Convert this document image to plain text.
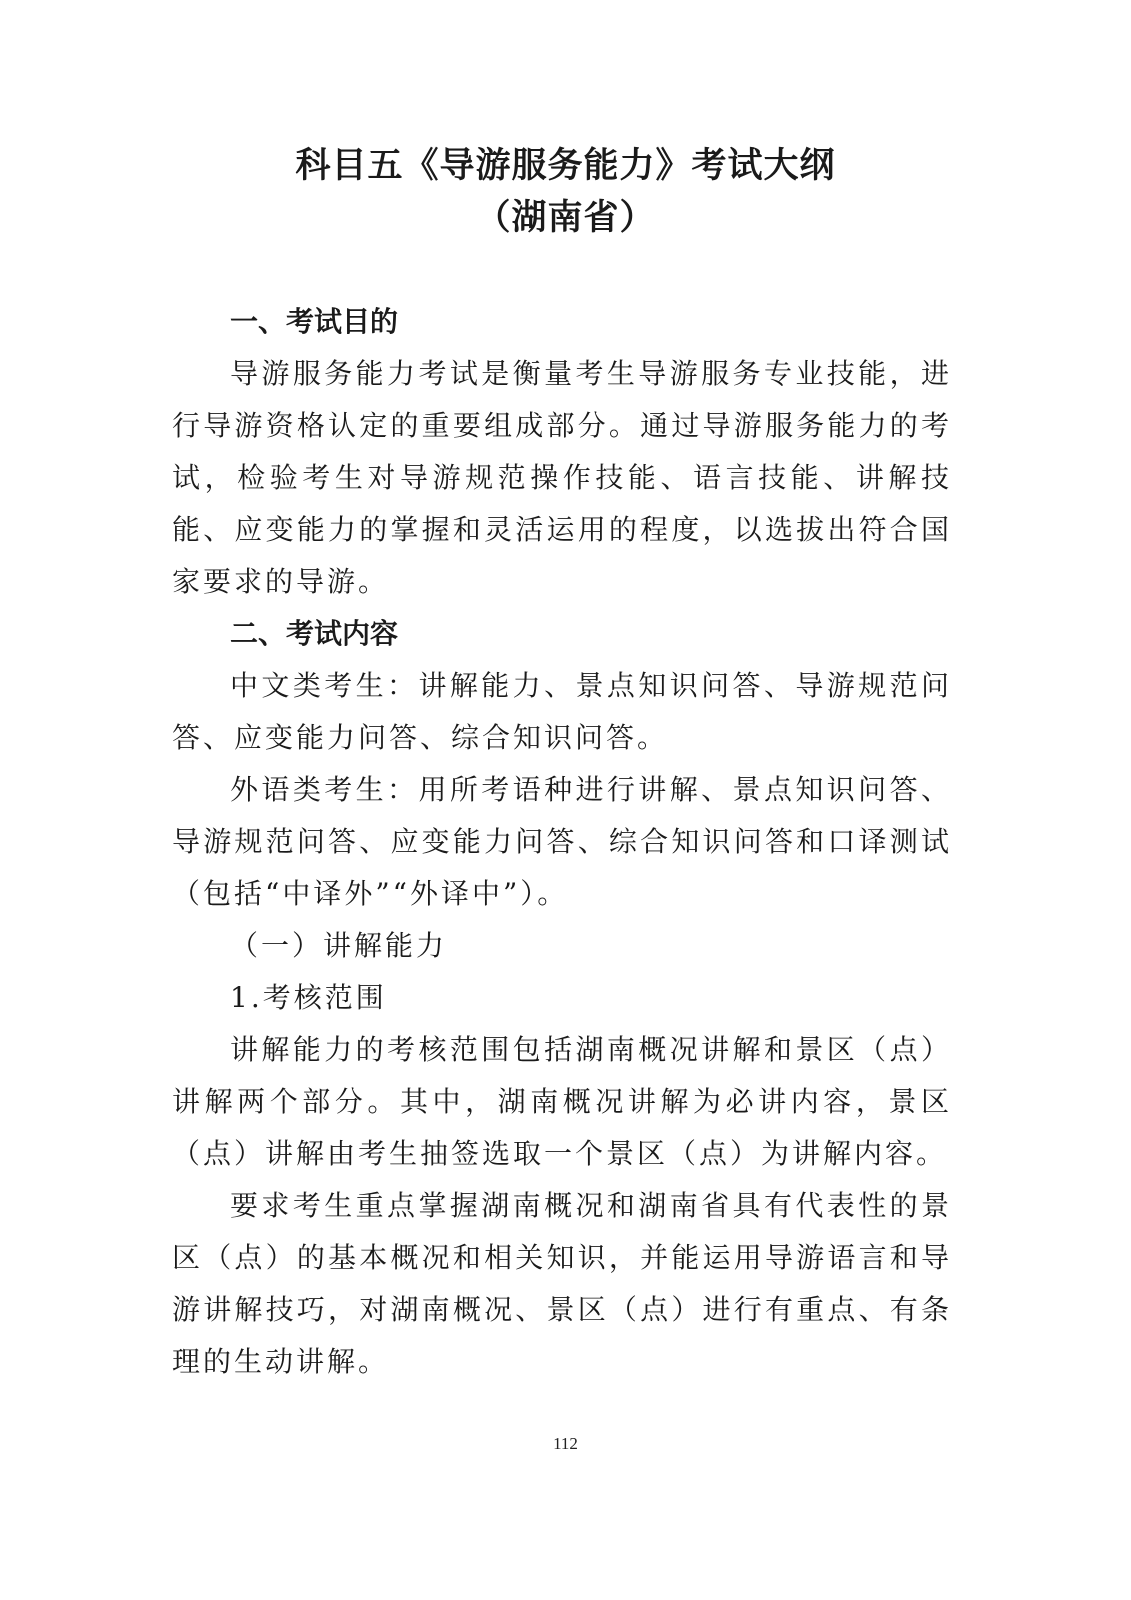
科目五《导游服务能力》考试大纲
（湖南省）

一、考试目的

导游服务能力考试是衡量考生导游服务专业技能，进行导游资格认定的重要组成部分。通过导游服务能力的考试，检验考生对导游规范操作技能、语言技能、讲解技能、应变能力的掌握和灵活运用的程度，以选拔出符合国家要求的导游。

二、考试内容

中文类考生：讲解能力、景点知识问答、导游规范问答、应变能力问答、综合知识问答。

外语类考生：用所考语种进行讲解、景点知识问答、导游规范问答、应变能力问答、综合知识问答和口译测试（包括“中译外”“外译中”）。

（一）讲解能力

1.考核范围

讲解能力的考核范围包括湖南概况讲解和景区（点）讲解两个部分。其中，湖南概况讲解为必讲内容，景区（点）讲解由考生抽签选取一个景区（点）为讲解内容。

要求考生重点掌握湖南概况和湖南省具有代表性的景区（点）的基本概况和相关知识，并能运用导游语言和导游讲解技巧，对湖南概况、景区（点）进行有重点、有条理的生动讲解。

112
